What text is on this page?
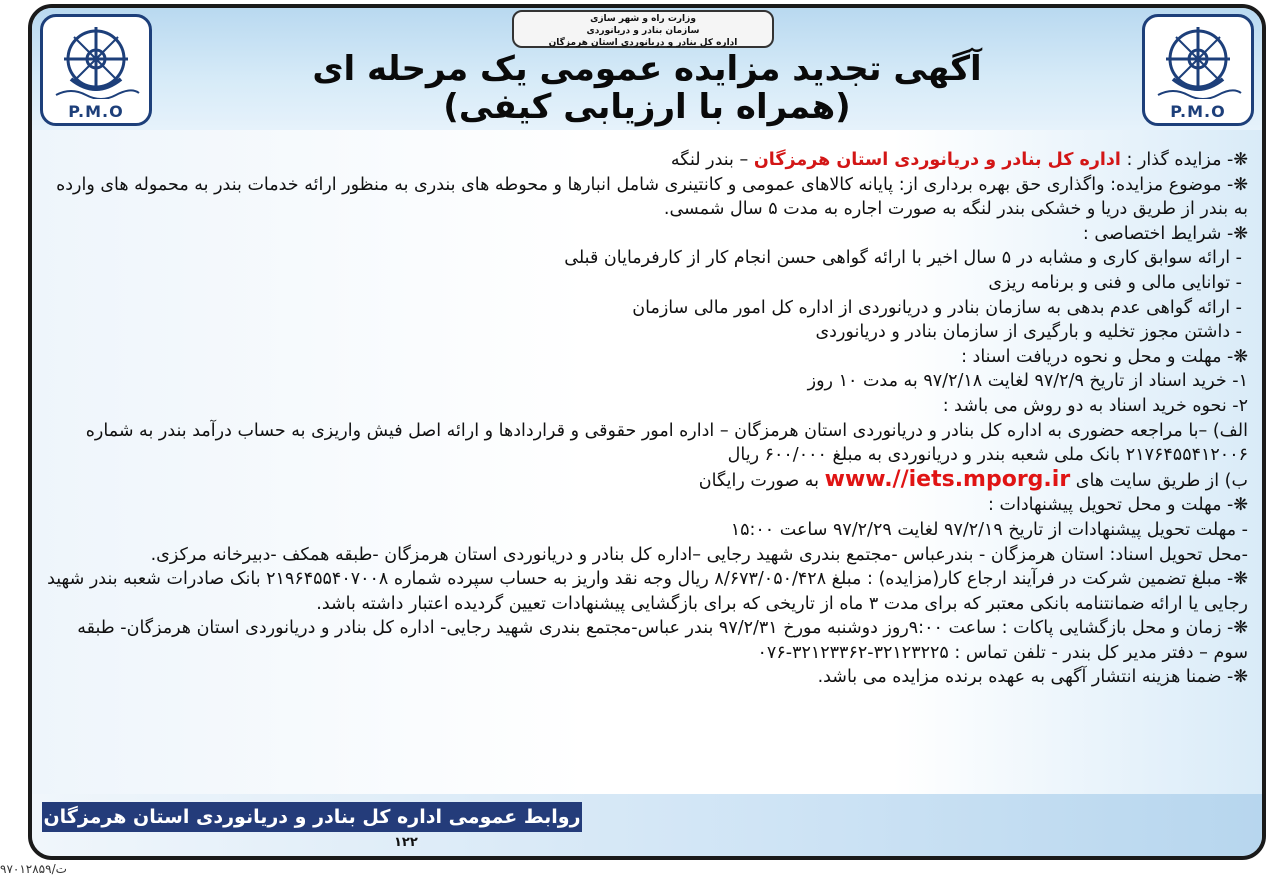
P.M.O
وزارت راه و شهر سازی
سازمان بنادر و دریانوردی
اداره کل بنادر و دریانوردی استان هرمزگان
آگهی تجدید مزایده عمومی یک مرحله ای
(همراه با ارزیابی کیفی)	P.M.O

❋- مزایده گذار : اداره کل بنادر و دریانوردی استان هرمزگان – بندر لنگه

❋- موضوع مزایده: واگذاری حق بهره برداری از: پایانه کالاهای عمومی و کانتینری شامل انبارها و محوطه های بندری به منظور ارائه خدمات بندر به محموله های وارده به بندر از طریق دریا و خشکی بندر لنگه به صورت اجاره به مدت ۵ سال شمسی.

❋- شرایط اختصاصی :

- ارائه سوابق کاری و مشابه در ۵ سال اخیر با ارائه گواهی حسن انجام کار از کارفرمایان قبلی

- توانایی مالی و فنی و برنامه ریزی

- ارائه گواهی عدم بدهی به سازمان بنادر و دریانوردی از اداره کل امور مالی سازمان

- داشتن مجوز تخلیه و بارگیری از سازمان بنادر و دریانوردی

❋- مهلت و محل و نحوه دریافت اسناد :

۱- خرید اسناد از تاریخ ۹۷/۲/۹ لغایت ۹۷/۲/۱۸ به مدت ۱۰ روز

۲- نحوه خرید اسناد به دو روش می باشد :

الف) –با مراجعه حضوری به اداره کل بنادر و دریانوردی استان هرمزگان – اداره امور حقوقی و قراردادها و ارائه اصل فیش واریزی به حساب درآمد بندر به شماره ۲۱۷۶۴۵۵۴۱۲۰۰۶ بانک ملی شعبه بندر و دریانوردی به مبلغ ۶۰۰/۰۰۰ ریال

ب) از طریق سایت های www.//iets.mporg.ir به صورت رایگان

❋- مهلت و محل تحویل پیشنهادات :

- مهلت تحویل پیشنهادات از تاریخ ۹۷/۲/۱۹ لغایت ۹۷/۲/۲۹ ساعت ۱۵:۰۰

-محل تحویل اسناد: استان هرمزگان - بندرعباس -مجتمع بندری شهید رجایی –اداره کل بنادر و دریانوردی استان هرمزگان -طبقه همکف -دبیرخانه مرکزی.

❋- مبلغ تضمین شرکت در فرآیند ارجاع کار(مزایده) : مبلغ ۸/۶۷۳/۰۵۰/۴۲۸ ریال وجه نقد واریز به حساب سپرده شماره ۲۱۹۶۴۵۵۴۰۷۰۰۸ بانک صادرات شعبه بندر شهید رجایی یا ارائه ضمانتنامه بانکی معتبر که برای مدت ۳ ماه از تاریخی که برای بازگشایی پیشنهادات تعیین گردیده اعتبار داشته باشد.

❋- زمان و محل بازگشایی پاکات : ساعت ۹:۰۰روز دوشنبه مورخ ۹۷/۲/۳۱ بندر عباس-مجتمع بندری شهید رجایی- اداره کل بنادر و دریانوردی استان هرمزگان- طبقه سوم – دفتر مدیر کل بندر - تلفن تماس : ۳۲۱۲۳۲۲۵-۳۲۱۲۳۳۶۲-۰۷۶

❋- ضمنا هزینه انتشار آگهی به عهده برنده مزایده می باشد.

روابط عمومی اداره کل بنادر و دریانوردی استان هرمزگان
۱۲۲
ت/۹۷۰۱۲۸۵۹
